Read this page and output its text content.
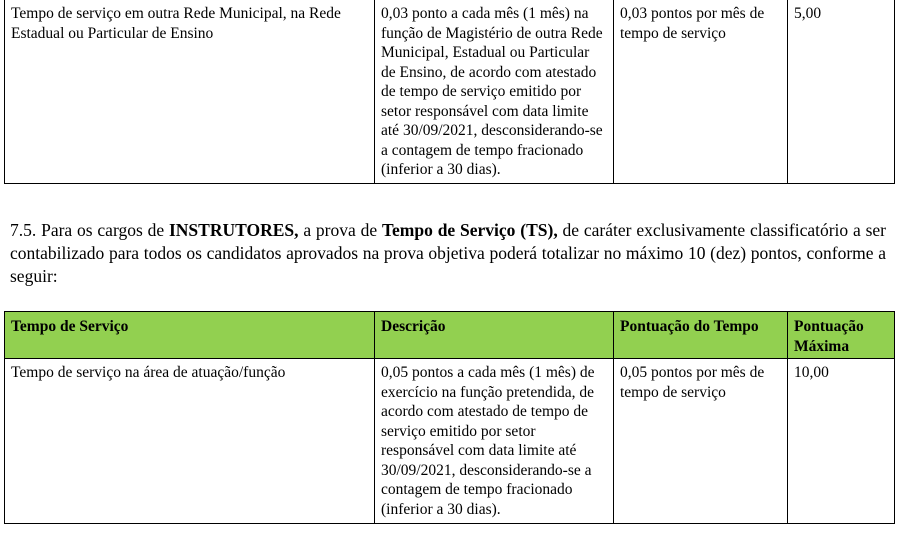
Tempo de serviço em outra Rede Municipal, na Rede Estadual ou Particular de Ensino	0,03 ponto a cada mês (1 mês) na função de Magistério de outra Rede Municipal, Estadual ou Particular de Ensino, de acordo com atestado de tempo de serviço emitido por setor responsável com data limite até 30/09/2021, desconsiderando-se a contagem de tempo fracionado (inferior a 30 dias).	0,03 pontos por mês de tempo de serviço	5,00

7.5. Para os cargos de INSTRUTORES, a prova de Tempo de Serviço (TS), de caráter exclusivamente classificatório a ser contabilizado para todos os candidatos aprovados na prova objetiva poderá totalizar no máximo 10 (dez) pontos, conforme a seguir:

Tempo de Serviço	Descrição	Pontuação do Tempo	Pontuação Máxima
Tempo de serviço na área de atuação/função	0,05 pontos a cada mês (1 mês) de exercício na função pretendida, de acordo com atestado de tempo de serviço emitido por setor responsável com data limite até 30/09/2021, desconsiderando-se a contagem de tempo fracionado (inferior a 30 dias).	0,05 pontos por mês de tempo de serviço	10,00
